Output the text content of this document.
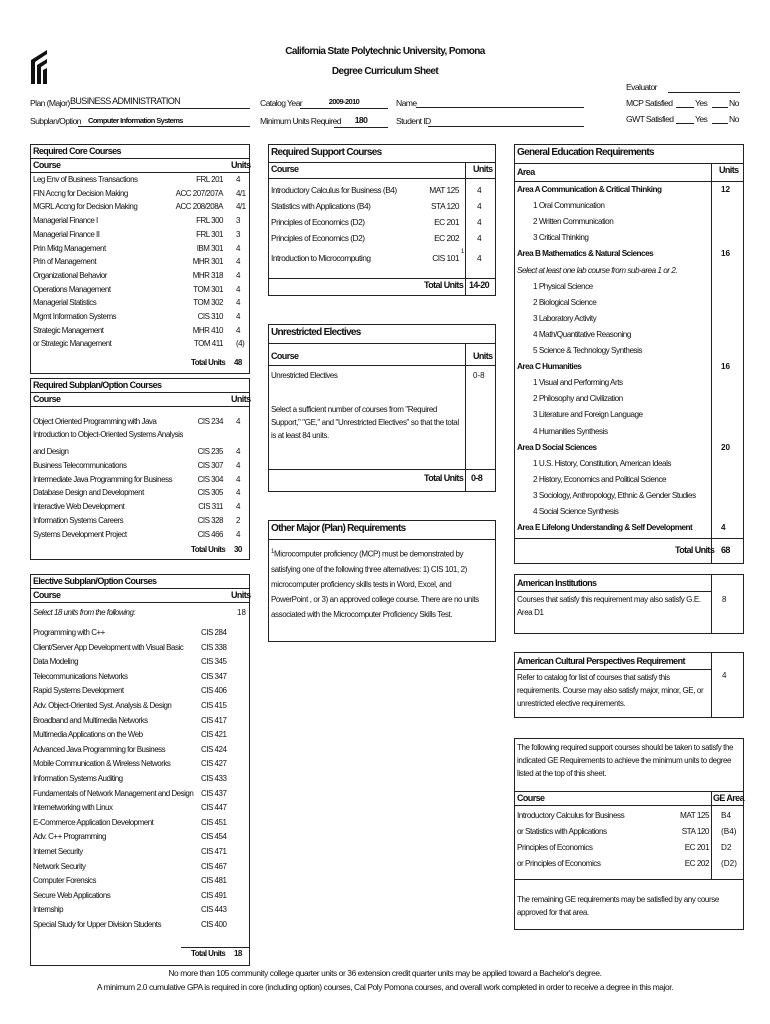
California State Polytechnic University, Pomona
Degree Curriculum Sheet
Plan (Major) BUSINESS ADMINISTRATION
Subplan/Option Computer Information Systems
Catalog Year	2009-2010
Minimum Units Required	180
Name
Student ID
Evaluator
MCP Satisfied	Yes	No
GWT Satisfied	Yes	No
Required Core Courses
Course	Units
Leg Env of Business Transactions	FRL 201 4
FIN Accng for Decision Making	ACC 207/207A 4/1
MGRL Accng for Decision Making	ACC 208/208A 4/1
Managerial Finance I	FRL 300 3
Managerial Finance II	FRL 301 3
Prin Mktg Management	IBM 301 4
Prin of Management	MHR 301 4
Organizational Behavior	MHR 318 4
Operations Management	TOM 301 4
Managerial Statistics	TOM 302 4
Mgmt Information Systems	CIS 310 4
Strategic Management	MHR 410 4
or Strategic Management	TOM 411 (4)
Total Units 48
Required Subplan/Option Courses
Course	Units
Object Oriented Programming with Java	CIS 234 4
Introduction to Object-Oriented Systems Analysis
and Design	CIS 235 4
Business Telecommunications	CIS 307 4
Intermediate Java Programming for Business	CIS 304 4
Database Design and Development	CIS 305 4
Interactive Web Development	CIS 311 4
Information Systems Careers	CIS 328 2
Systems Development Project	CIS 466 4
Total Units 30
Elective Subplan/Option Courses
Course	Units
Select 18 units from the following:	18
Programming with C++	CIS 284
Client/Server App Development with Visual Basic CIS 338
Data Modeling	CIS 345
Telecommunications Networks	CIS 347
Rapid Systems Development	CIS 406
Adv. Object-Oriented Syst. Analysis & Design	CIS 415
Broadband and Multimedia Networks	CIS 417
Multimedia Applications on the Web	CIS 421
Advanced Java Programming for Business	CIS 424
Mobile Communication & Wireless Networks	CIS 427
Information Systems Auditing	CIS 433
Fundamentals of Network Management and Design CIS 437
Internetworking with Linux	CIS 447
E-Commerce Application Development	CIS 451
Adv. C++ Programming	CIS 454
Internet Security	CIS 471
Network Security	CIS 467
Computer Forensics	CIS 481
Secure Web Applications	CIS 491
Internship	CIS 443
Special Study for Upper Division Students	CIS 400
Total Units 18
Required Support Courses
Course	Units
Introductory Calculus for Business (B4)	MAT 125 4
Statistics with Applications (B4)	STA 120 4
Principles of Economics (D2)	EC 201 4
Principles of Economics (D2)	EC 202 4
Introduction to Microcomputing	CIS 101 4
1
Total Units 14-20
Unrestricted Electives
Course	Units
Unrestricted Electives	0-8
Select a sufficient number of courses from "Required Support," "GE," and "Unrestricted Electives" so that the total is at least 84 units.
Total Units 0-8
Other Major (Plan) Requirements
$^1$Microcomputer proficiency (MCP) must be demonstrated by satisfying one of the following three alternatives: 1) CIS 101, 2) microcomputer proficiency skills tests in Word, Excel, and PowerPoint , or 3) an approved college course. There are no units associated with the Microcomputer Proficiency Skills Test.
General Education Requirements
Area	Units
Area A Communication & Critical Thinking	12
1 Oral Communication
2 Written Communication
3 Critical Thinking
Area B Mathematics & Natural Sciences	16
Select at least one lab course from sub-area 1 or 2.
1 Physical Science
2 Biological Science
3 Laboratory Activity
4 Math/Quantitative Reasoning
5 Science & Technology Synthesis
Area C Humanities	16
1 Visual and Performing Arts
2 Philosophy and Civilization
3 Literature and Foreign Language
4 Humanities Synthesis
Area D Social Sciences	20
1 U.S. History, Constitution, American Ideals
2 History, Economics and Political Science
3 Sociology, Anthropology, Ethnic & Gender Studies
4 Social Science Synthesis
Area E Lifelong Understanding & Self Development	4
Total Units 68
American Institutions
Courses that satisfy this requirement may also satisfy G.E. Area D1
8
American Cultural Perspectives Requirement
Refer to catalog for list of courses that satisfy this requirements. Course may also satisfy major, minor, GE, or unrestricted elective requirements.
4
The following required support courses should be taken to satisfy the indicated GE Requirements to achieve the minimum units to degree listed at the top of this sheet.
Course	GE Area
Introductory Calculus for Business	MAT 125 B4
or Statistics with Applications	STA 120 (B4)
Principles of Economics	EC 201 D2
or Principles of Economics	EC 202 (D2)
The remaining GE requirements may be satisfied by any course approved for that area.
No more than 105 community college quarter units or 36 extension credit quarter units may be applied toward a Bachelor's degree.
A minimum 2.0 cumulative GPA is required in core (including option) courses, Cal Poly Pomona courses, and overall work completed in order to receive a degree in this major.
